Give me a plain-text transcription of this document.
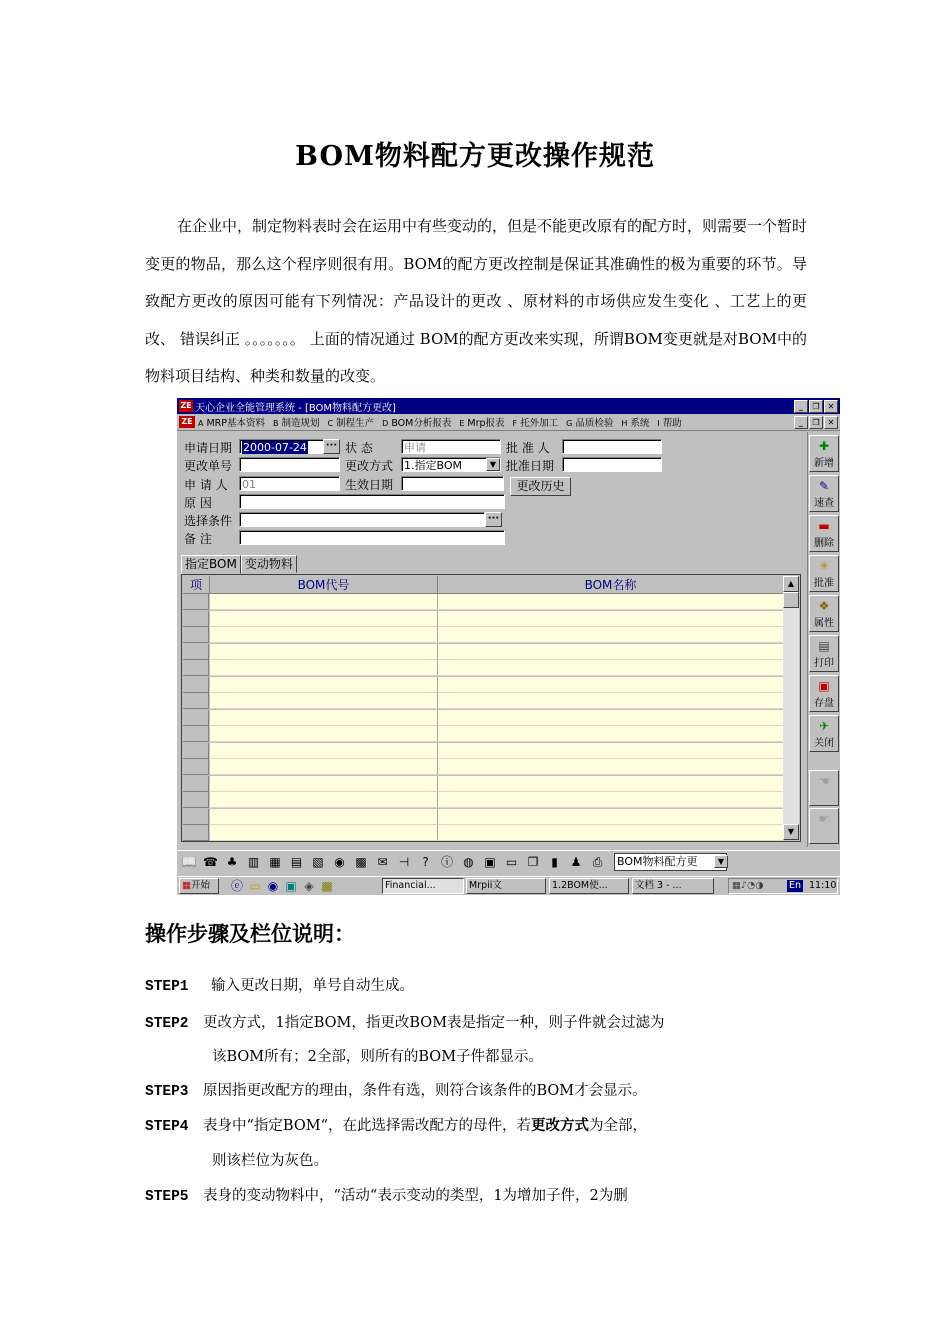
BOM物料配方更改操作规范
在企业中，制定物料表时会在运用中有些变动的，但是不能更改原有的配方时，则需要一个暂时变更的物品，那么这个程序则很有用。BOM的配方更改控制是保证其准确性的极为重要的环节。导致配方更改的原因可能有下列情况：产品设计的更改 、原材料的市场供应发生变化 、工艺上的更改、 错误纠正 。。。。。。。 上面的情况通过 BOM的配方更改来实现，所谓BOM变更就是对BOM中的物料项目结构、种类和数量的改变。
ZE 天心企业全能管理系统 - [BOM物料配方更改]	_	❐	✕
ZE A MRP基本资料 B 制造规划 C 制程生产 D BOM分析报表 E Mrp报表 F 托外加工 G 品质检验 H 系统 I 帮助	_	❐	✕
申请日期 2000-07-24	··· 状 态	申请	批 准 人
更改单号	更改方式 1.指定BOM	▼ 批准日期
申 请 人 01	生效日期	更改历史
原 因
选择条件	···
备 注
指定BOM 变动物料
项	BOM代号	BOM名称	▲
▼
✈
关闭
▣
存盘
▤
打印
❖
属性
✳
批准
▬
删除
✎
速查
✚
新增
☚
☛
BOM物料配方更	▼
📖 ☎ ♣ ▥ ▦ ▤ ▧ ◉ ▩ ✉ ⊣	?	ⓘ ◍ ▣ ▭ ❐	▮	♟ ⎙
▦开始	ⓔ ▭ ◉ ▣ ◈ ▩	Financial...	Mrpii文	1.2BOM使...	文档 3 - ...	▦♪◔◑	En 11:10
操作步骤及栏位说明：
STEP1 输入更改日期，单号自动生成。
STEP2 更改方式，1指定BOM，指更改BOM表是指定一种，则子件就会过滤为
该BOM所有；2全部，则所有的BOM子件都显示。
STEP3 原因指更改配方的理由，条件有选，则符合该条件的BOM才会显示。
STEP4 表身中“指定BOM“，在此选择需改配方的母件，若更改方式为全部，
则该栏位为灰色。
STEP5 表身的变动物料中，“活动“表示变动的类型，1为增加子件，2为删
